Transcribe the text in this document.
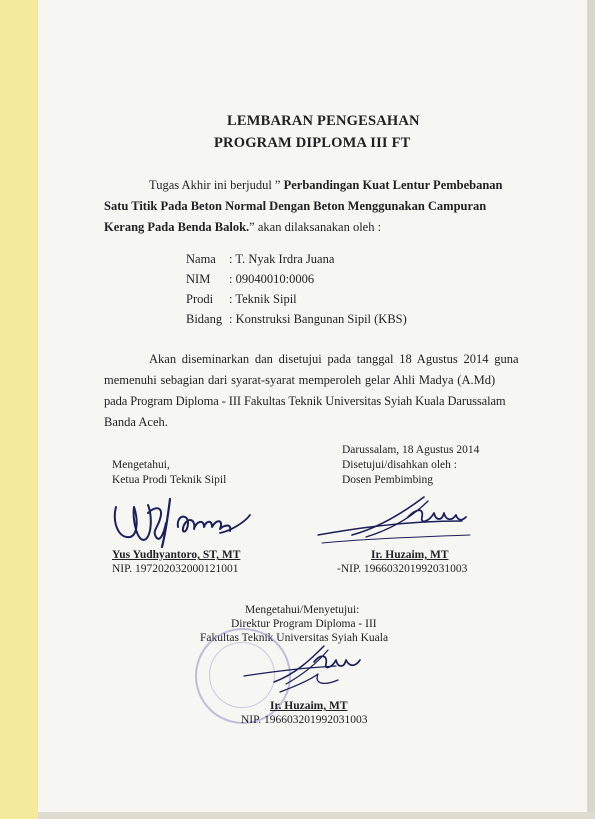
LEMBARAN PENGESAHAN
PROGRAM DIPLOMA III FT
Tugas Akhir ini berjudul ” Perbandingan Kuat Lentur Pembebanan
Satu Titik Pada Beton Normal Dengan Beton Menggunakan Campuran
Kerang Pada Benda Balok.” akan dilaksanakan oleh :
Nama : T. Nyak Irdra Juana
NIM : 09040010:0006
Prodi : Teknik Sipil
Bidang : Konstruksi Bangunan Sipil (KBS)
Akan diseminarkan dan disetujui pada tanggal 18 Agustus 2014 guna
memenuhi sebagian dari syarat-syarat memperoleh gelar Ahli Madya (A.Md)
pada Program Diploma - III Fakultas Teknik Universitas Syiah Kuala Darussalam
Banda Aceh.
Darussalam, 18 Agustus 2014
Disetujui/disahkan oleh :
Dosen Pembimbing
Mengetahui,
Ketua Prodi Teknik Sipil
Yus Yudhyantoro, ST, MT
NIP. 197202032000121001
Ir. Huzaim, MT
-NIP. 196603201992031003
Mengetahui/Menyetujui:
Direktur Program Diploma - III
Fakultas Teknik Universitas Syiah Kuala
Ir. Huzaim, MT
NIP. 196603201992031003
